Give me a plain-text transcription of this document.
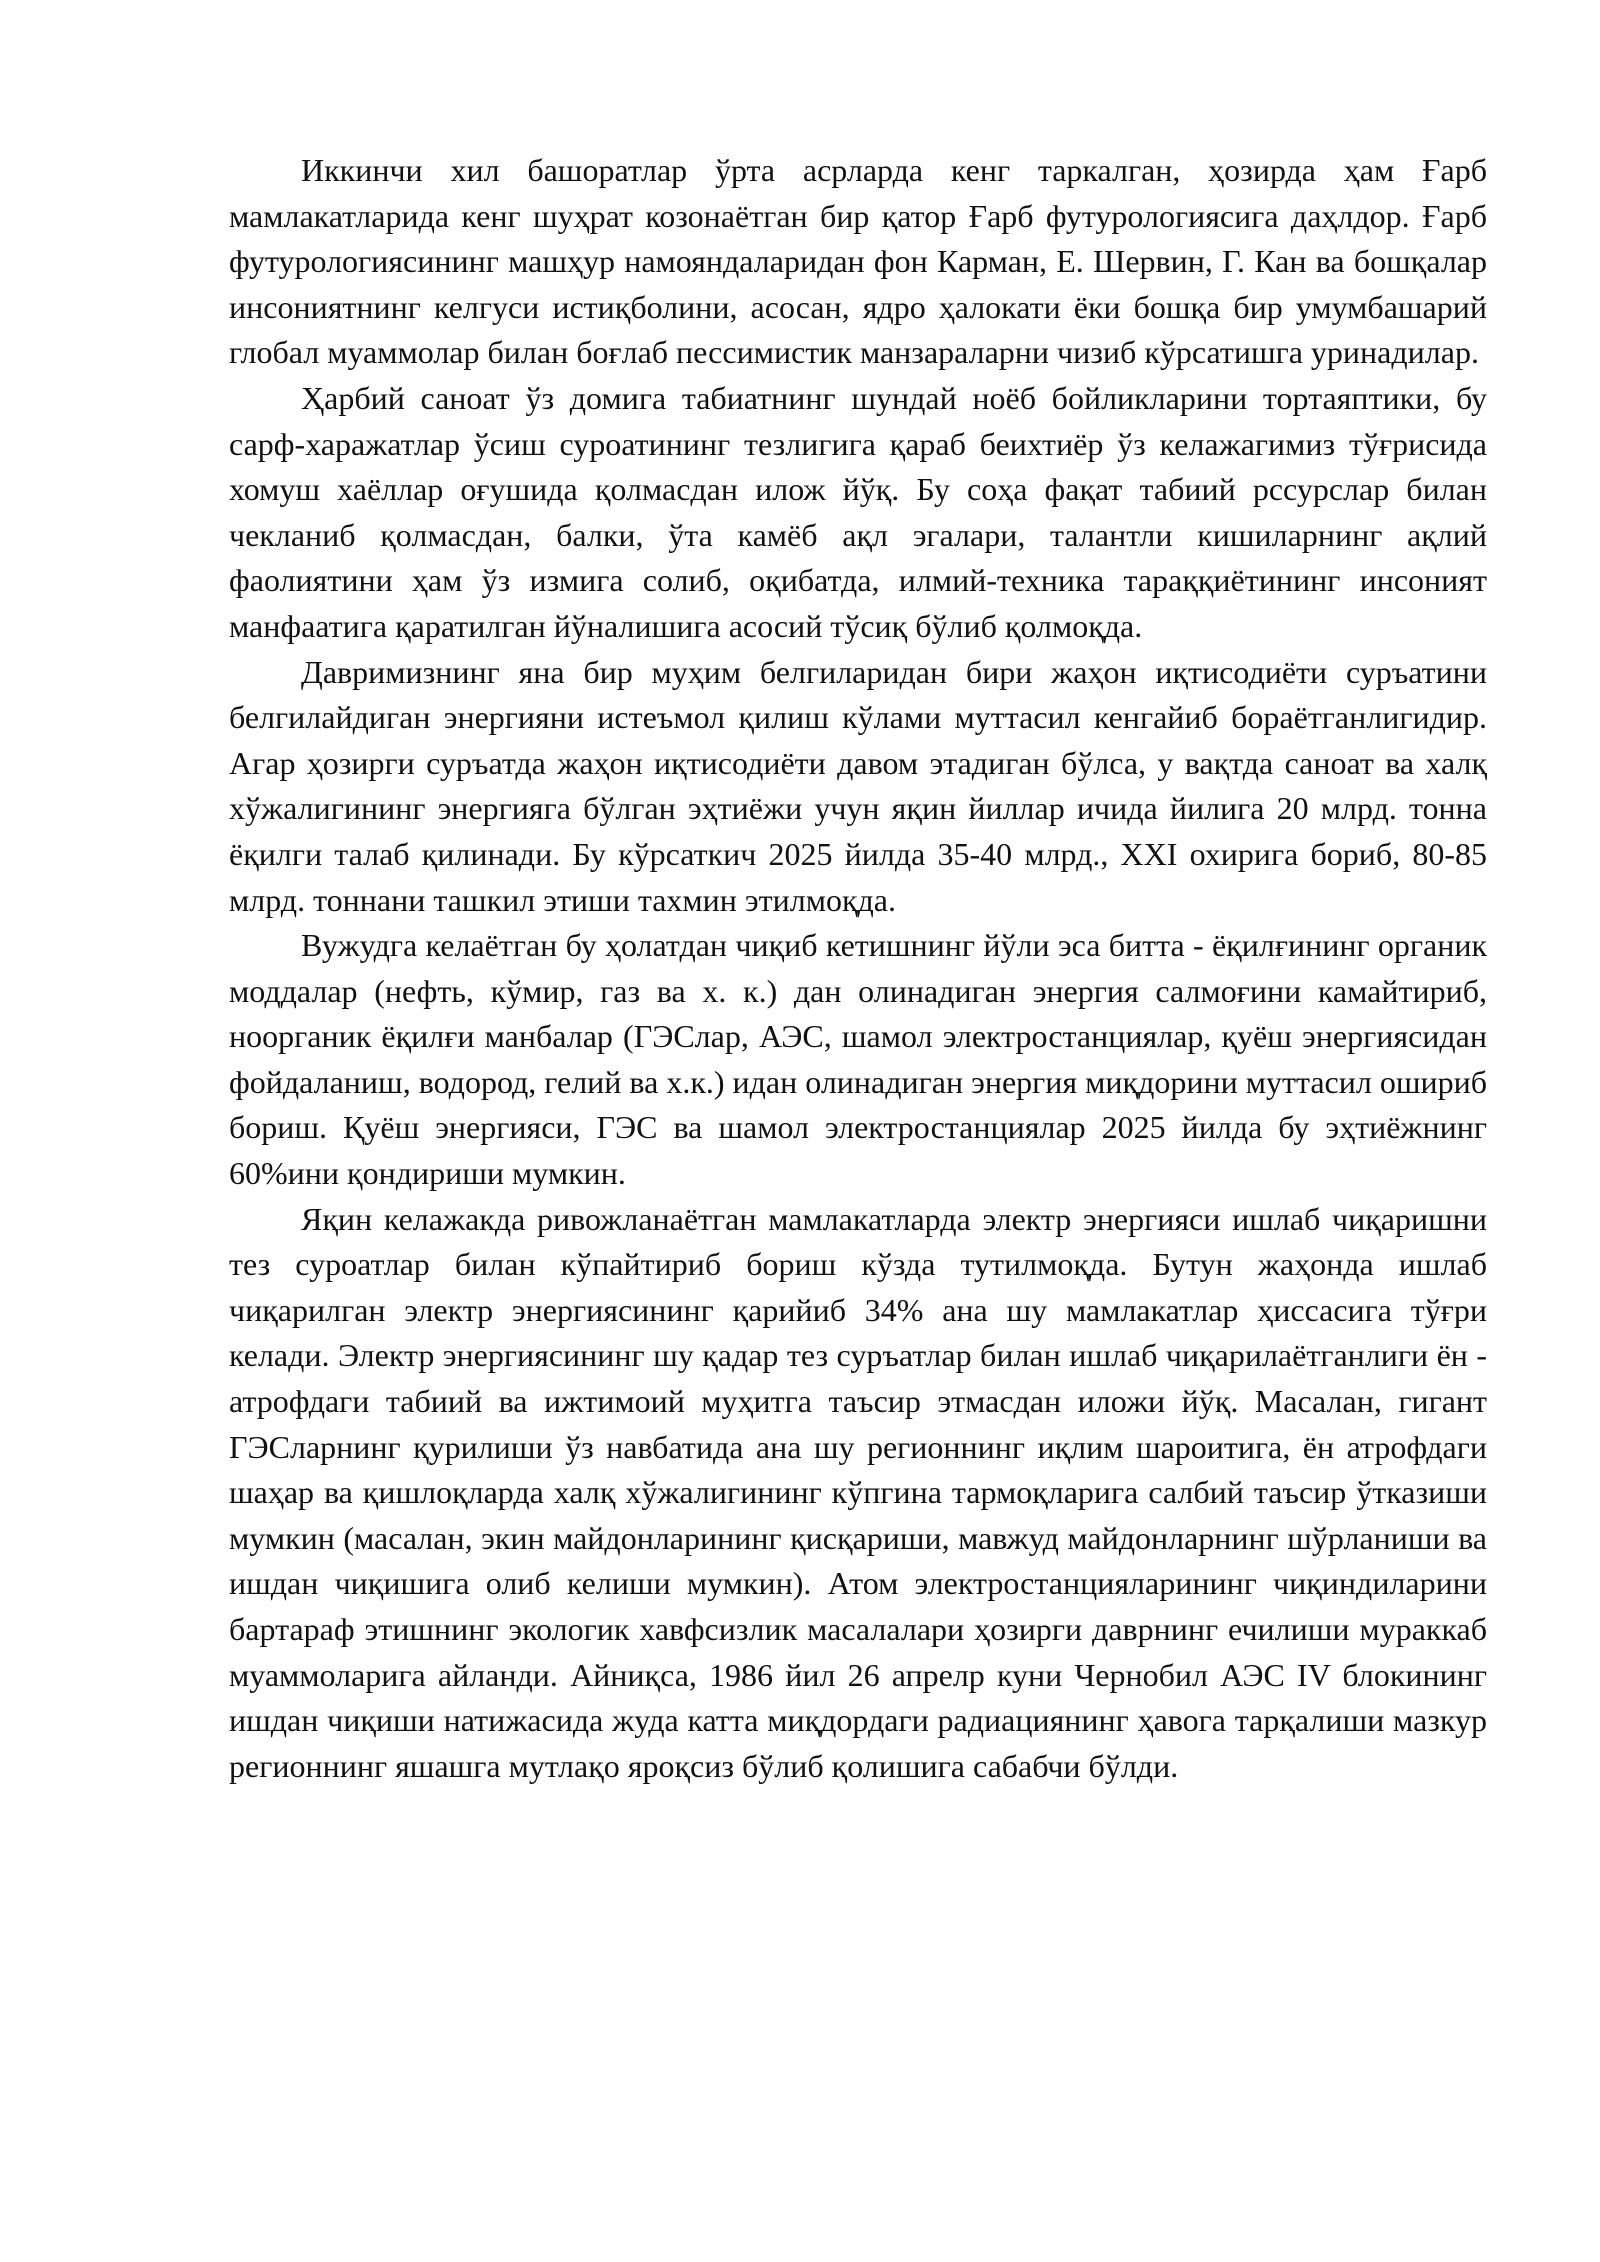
Иккинчи хил башоратлар ўрта асрларда кенг таркалган, ҳозирда ҳам Ғарб мамлакатларида кенг шуҳрат козонаётган бир қатор Ғарб футурологиясига даҳлдор. Ғарб футурологиясининг машҳур намояндаларидан фон Карман, Е. Шервин, Г. Кан ва бошқалар инсониятнинг келгуси истиқболини, асосан, ядро ҳалокати ёки бошқа бир умумбашарий глобал муаммолар билан боғлаб пессимистик манзараларни чизиб кўрсатишга уринадилар.

Ҳарбий саноат ўз домига табиатнинг шундай ноёб бойликларини тортаяптики, бу сарф-харажатлар ўсиш суроатининг тезлигига қараб беихтиёр ўз келажагимиз тўғрисида хомуш хаёллар оғушида қолмасдан илож йўқ. Бу соҳа фақат табиий рссурслар билан чекланиб қолмасдан, балки, ўта камёб ақл эгалари, талантли кишиларнинг ақлий фаолиятини ҳам ўз измига солиб, оқибатда, илмий-техника тараққиётининг инсоният манфаатига қаратилган йўналишига асосий тўсиқ бўлиб қолмоқда.

Давримизнинг яна бир муҳим белгиларидан бири жаҳон иқтисодиёти суръатини белгилайдиган энергияни истеъмол қилиш кўлами муттасил кенгайиб бораётганлигидир. Агар ҳозирги суръатда жаҳон иқтисодиёти давом этадиган бўлса, у вақтда саноат ва халқ хўжалигининг энергияга бўлган эҳтиёжи учун яқин йиллар ичида йилига 20 млрд. тонна ёқилги талаб қилинади. Бу кўрсаткич 2025 йилда 35-40 млрд., XXI охирига бориб, 80-85 млрд. тоннани ташкил этиши тахмин этилмоқда.

Вужудга келаётган бу ҳолатдан чиқиб кетишнинг йўли эса битта - ёқилғининг органик моддалар (нефть, кўмир, газ ва х. к.) дан олинадиган энергия салмоғини камайтириб, ноорганик ёқилғи манбалар (ГЭСлар, АЭС, шамол электростанциялар, қуёш энергиясидан фойдаланиш, водород, гелий ва х.к.) идан олинадиган энергия миқдорини муттасил ошириб бориш. Қуёш энергияси, ГЭС ва шамол электростанциялар 2025 йилда бу эҳтиёжнинг 60%ини қондириши мумкин.

Яқин келажакда ривожланаётган мамлакатларда электр энергияси ишлаб чиқаришни тез суроатлар билан кўпайтириб бориш кўзда тутилмоқда. Бутун жаҳонда ишлаб чиқарилган электр энергиясининг қарийиб 34% ана шу мамлакатлар ҳиссасига тўғри келади. Электр энергиясининг шу қадар тез суръатлар билан ишлаб чиқарилаётганлиги ён - атрофдаги табиий ва ижтимоий муҳитга таъсир этмасдан иложи йўқ. Масалан, гигант ГЭСларнинг қурилиши ўз навбатида ана шу регионнинг иқлим шароитига, ён атрофдаги шаҳар ва қишлоқларда халқ хўжалигининг кўпгина тармоқларига салбий таъсир ўтказиши мумкин (масалан, экин майдонларининг қисқариши, мавжуд майдонларнинг шўрланиши ва ишдан чиқишига олиб келиши мумкин). Атом электростанцияларининг чиқиндиларини бартараф этишнинг экологик хавфсизлик масалалари ҳозирги даврнинг ечилиши мураккаб муаммоларига айланди. Айниқса, 1986 йил 26 апрелр куни Чернобил АЭС IV блокининг ишдан чиқиши натижасида жуда катта миқдордаги радиациянинг ҳавога тарқалиши мазкур регионнинг яшашга мутлақо яроқсиз бўлиб қолишига сабабчи бўлди.
